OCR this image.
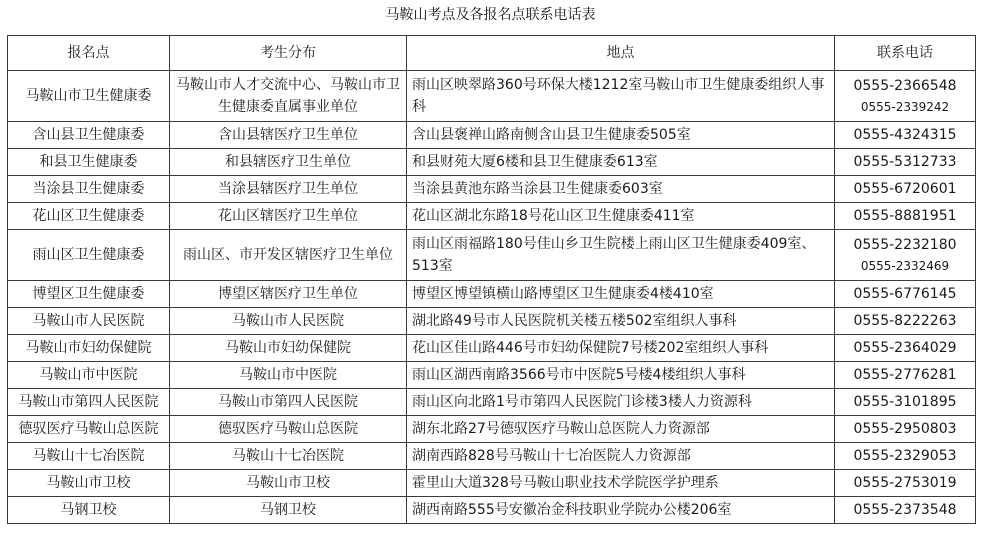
马鞍山考点及各报名点联系电话表
报名点	考生分布	地点	联系电话
马鞍山市卫生健康委	马鞍山市人才交流中心、马鞍山市卫生健康委直属事业单位	雨山区映翠路360号环保大楼1212室马鞍山市卫生健康委组织人事科	0555-2366548
0555-2339242

含山县卫生健康委	含山县辖医疗卫生单位	含山县褒禅山路南侧含山县卫生健康委505室	0555-4324315
和县卫生健康委	和县辖医疗卫生单位	和县财苑大厦6楼和县卫生健康委613室	0555-5312733
当涂县卫生健康委	当涂县辖医疗卫生单位	当涂县黄池东路当涂县卫生健康委603室	0555-6720601
花山区卫生健康委	花山区辖医疗卫生单位	花山区湖北东路18号花山区卫生健康委411室	0555-8881951
雨山区卫生健康委	雨山区、市开发区辖医疗卫生单位	雨山区雨福路180号佳山乡卫生院楼上雨山区卫生健康委409室、513室	0555-2232180
0555-2332469

博望区卫生健康委	博望区辖医疗卫生单位	博望区博望镇横山路博望区卫生健康委4楼410室	0555-6776145
马鞍山市人民医院	马鞍山市人民医院	湖北路49号市人民医院机关楼五楼502室组织人事科	0555-8222263
马鞍山市妇幼保健院	马鞍山市妇幼保健院	花山区佳山路446号市妇幼保健院7号楼202室组织人事科	0555-2364029
马鞍山市中医院	马鞍山市中医院	雨山区湖西南路3566号市中医院5号楼4楼组织人事科	0555-2776281
马鞍山市第四人民医院	马鞍山市第四人民医院	雨山区向北路1号市第四人民医院门诊楼3楼人力资源科	0555-3101895
德驭医疗马鞍山总医院	德驭医疗马鞍山总医院	湖东北路27号德驭医疗马鞍山总医院人力资源部	0555-2950803
马鞍山十七冶医院	马鞍山十七冶医院	湖南西路828号马鞍山十七冶医院人力资源部	0555-2329053
马鞍山市卫校	马鞍山市卫校	霍里山大道328号马鞍山职业技术学院医学护理系	0555-2753019
马钢卫校	马钢卫校	湖西南路555号安徽冶金科技职业学院办公楼206室	0555-2373548
